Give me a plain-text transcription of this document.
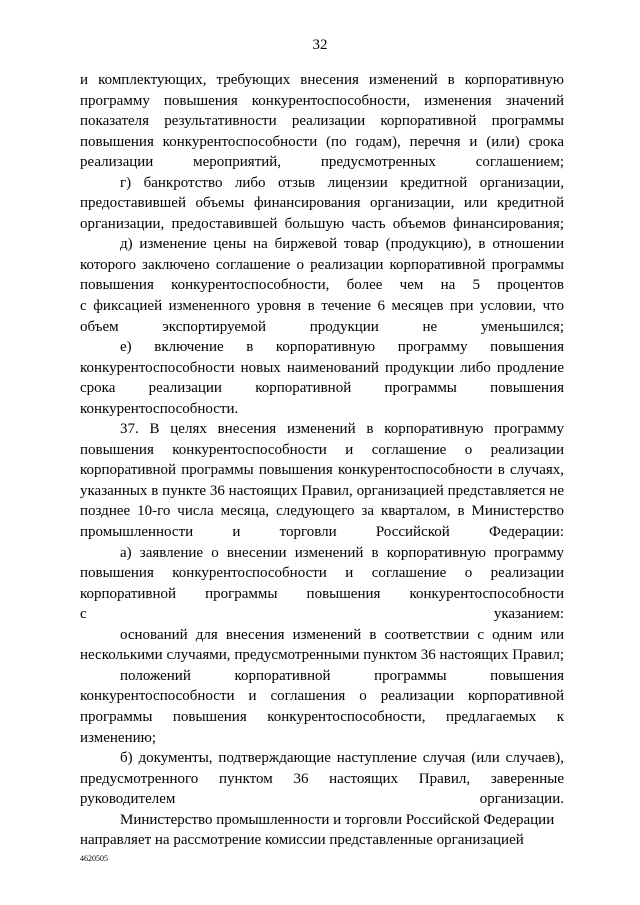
32

и комплектующих, требующих внесения изменений в корпоративную
программу повышения конкурентоспособности, изменения значений
показателя результативности реализации корпоративной программы
повышения конкурентоспособности (по годам), перечня и (или) срока
реализации мероприятий, предусмотренных соглашением;

г) банкротство либо отзыв лицензии кредитной организации,
предоставившей объемы финансирования организации, или кредитной
организации, предоставившей большую часть объемов финансирования;

д) изменение цены на биржевой товар (продукцию), в отношении
которого заключено соглашение о реализации корпоративной программы
повышения конкурентоспособности, более чем на 5 процентов
с фиксацией измененного уровня в течение 6 месяцев при условии, что
объем экспортируемой продукции не уменьшился;

е) включение в корпоративную программу повышения
конкурентоспособности новых наименований продукции либо продление
срока реализации корпоративной программы повышения
конкурентоспособности.

37. В целях внесения изменений в корпоративную программу
повышения конкурентоспособности и соглашение о реализации
корпоративной программы повышения конкурентоспособности в случаях,
указанных в пункте 36 настоящих Правил, организацией представляется не
позднее 10-го числа месяца, следующего за кварталом, в Министерство
промышленности и торговли Российской Федерации:

а) заявление о внесении изменений в корпоративную программу
повышения конкурентоспособности и соглашение о реализации
корпоративной программы повышения конкурентоспособности
с указанием:

оснований для внесения изменений в соответствии с одним или
несколькими случаями, предусмотренными пунктом 36 настоящих Правил;

положений корпоративной программы повышения
конкурентоспособности и соглашения о реализации корпоративной
программы повышения конкурентоспособности, предлагаемых к
изменению;

б) документы, подтверждающие наступление случая (или случаев),
предусмотренного пунктом 36 настоящих Правил, заверенные
руководителем организации.

Министерство промышленности и торговли Российской Федерации
направляет на рассмотрение комиссии представленные организацией

4620505
